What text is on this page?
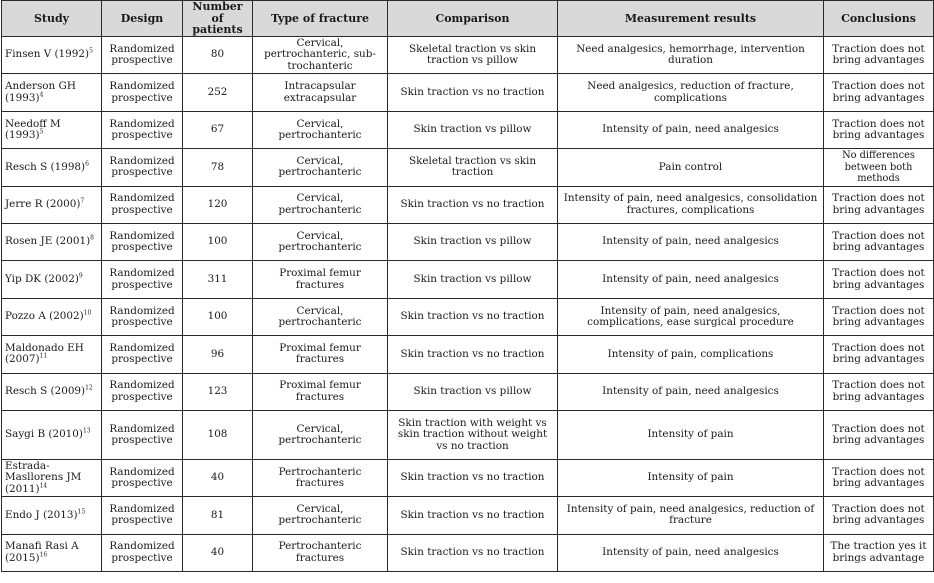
Study	Design	Number of patients	Type of fracture	Comparison	Measurement results	Conclusions
Finsen V $(1992)^5$	Randomized prospective	80	Cervical, pertrochanteric, sub-trochanteric	Skeletal traction vs skin traction vs pillow	Need analgesics, hemorrhage, intervention duration	Traction does not bring advantages
Anderson GH $(1993)^4$	Randomized prospective	252	Intracapsular extracapsular	Skin traction vs no traction	Need analgesics, reduction of fracture, complications	Traction does not bring advantages
Needoff M $(1993)^5$	Randomized prospective	67	Cervical, pertrochanteric	Skin traction vs pillow	Intensity of pain, need analgesics	Traction does not bring advantages
Resch S $(1998)^6$	Randomized prospective	78	Cervical, pertrochanteric	Skeletal traction vs skin traction	Pain control	No differences between both methods
Jerre R $(2000)^7$	Randomized prospective	120	Cervical, pertrochanteric	Skin traction vs no traction	Intensity of pain, need analgesics, consolidation fractures, complications	Traction does not bring advantages
Rosen JE $(2001)^8$	Randomized prospective	100	Cervical, pertrochanteric	Skin traction vs pillow	Intensity of pain, need analgesics	Traction does not bring advantages
Yip DK $(2002)^9$	Randomized prospective	311	Proximal femur fractures	Skin traction vs pillow	Intensity of pain, need analgesics	Traction does not bring advantages
Pozzo A $(2002)^{10}$	Randomized prospective	100	Cervical, pertrochanteric	Skin traction vs no traction	Intensity of pain, need analgesics, complications, ease surgical procedure	Traction does not bring advantages
Maldonado EH $(2007)^{11}$	Randomized prospective	96	Proximal femur fractures	Skin traction vs no traction	Intensity of pain, complications	Traction does not bring advantages
Resch S $(2009)^{12}$	Randomized prospective	123	Proximal femur fractures	Skin traction vs pillow	Intensity of pain, need analgesics	Traction does not bring advantages
Saygi B $(2010)^{13}$	Randomized prospective	108	Cervical, pertrochanteric	Skin traction with weight vs skin traction without weight vs no traction	Intensity of pain	Traction does not bring advantages
Estrada-Masllorens JM $(2011)^{14}$	Randomized prospective	40	Pertrochanteric fractures	Skin traction vs no traction	Intensity of pain	Traction does not bring advantages
Endo J $(2013)^{15}$	Randomized prospective	81	Cervical, pertrochanteric	Skin traction vs no traction	Intensity of pain, need analgesics, reduction of fracture	Traction does not bring advantages
Manafi Rasi A $(2015)^{16}$	Randomized prospective	40	Pertrochanteric fractures	Skin traction vs no traction	Intensity of pain, need analgesics	The traction yes it brings advantage
